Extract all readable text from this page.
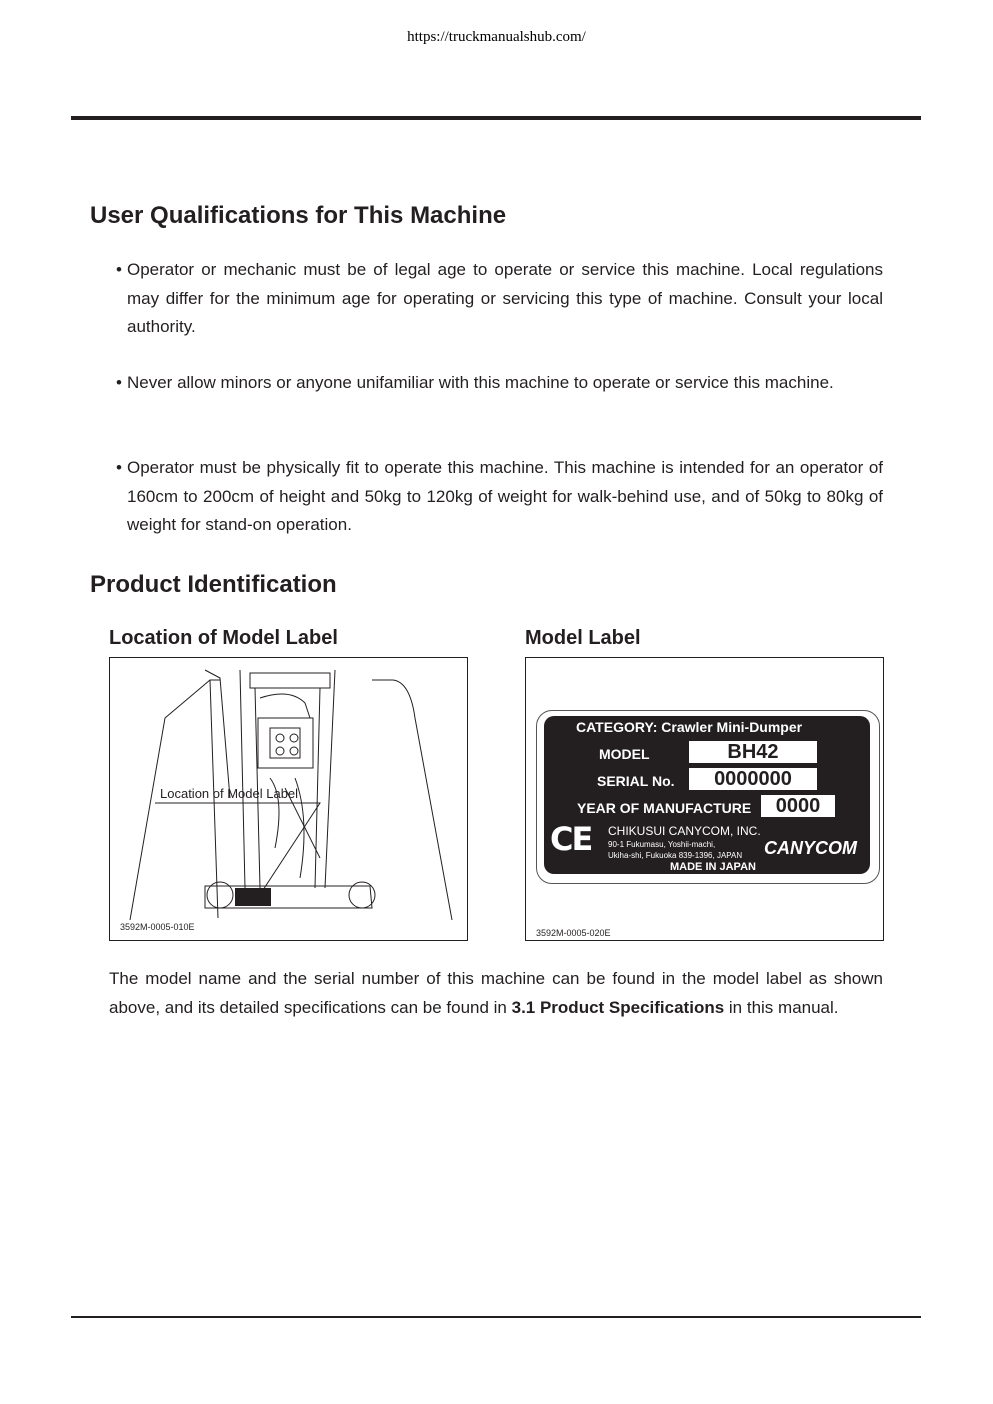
https://truckmanualshub.com/
User Qualifications for This Machine
• Operator or mechanic must be of legal age to operate or service this machine. Local regulations may differ for the minimum age for operating or servicing this type of machine. Consult your local authority.
• Never allow minors or anyone unifamiliar with this machine to operate or service this machine.
• Operator must be physically fit to operate this machine. This machine is intended for an operator of 160cm to 200cm of height and 50kg to 120kg of weight for walk-behind use, and of 50kg to 80kg of weight for stand-on operation.
Product Identification
Location of Model Label	Model Label
Location of Model Label
3592M-0005-010E
CATEGORY: Crawler Mini-Dumper
MODEL	BH42
SERIAL No.	0000000
YEAR OF MANUFACTURE	0000
CE CHIKUSUI CANYCOM, INC.
90-1 Fukumasu, Yoshii-machi,
Ukiha-shi, Fukuoka 839-1396, JAPAN
MADE IN JAPAN
CANYCOM
3592M-0005-020E
The model name and the serial number of this machine can be found in the model label as shown above, and its detailed specifications can be found in 3.1 Product Specifications in this manual.
